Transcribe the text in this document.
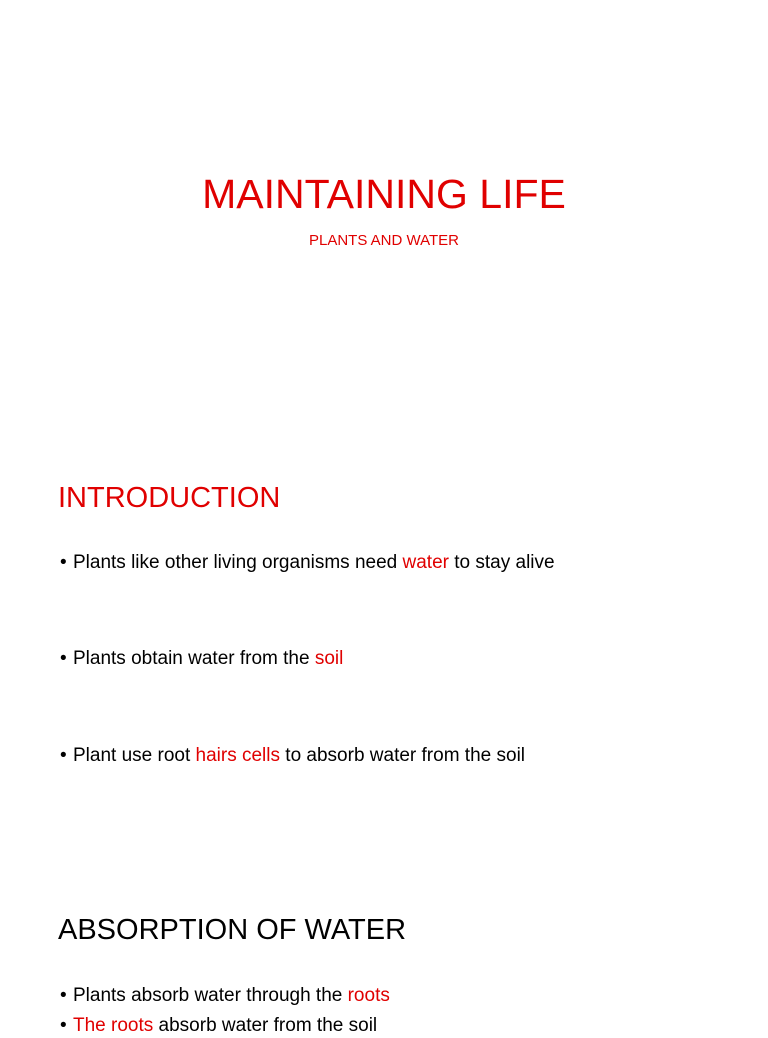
MAINTAINING LIFE
PLANTS AND WATER
INTRODUCTION
• Plants like other living organisms need water to stay alive
• Plants obtain water from the soil
• Plant use root hairs cells to absorb water from the soil
ABSORPTION OF WATER
• Plants absorb water through the roots
• The roots absorb water from the soil
